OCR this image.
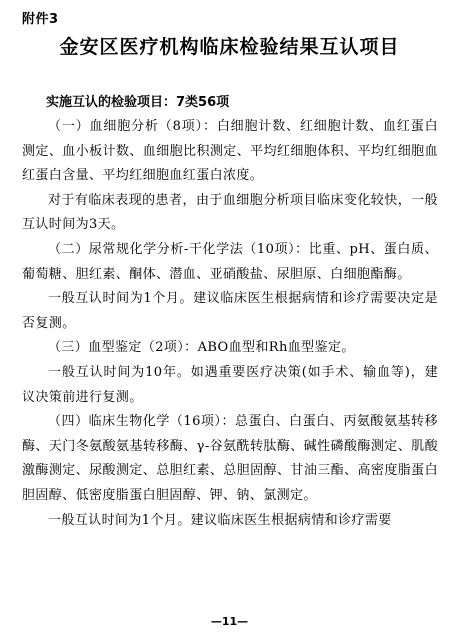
附件3
金安区医疗机构临床检验结果互认项目
实施互认的检验项目：7类56项

（一）血细胞分析（8项）：白细胞计数、红细胞计数、血红蛋白测定、血小板计数、血细胞比积测定、平均红细胞体积、平均红细胞血红蛋白含量、平均红细胞血红蛋白浓度。

对于有临床表现的患者，由于血细胞分析项目临床变化较快，一般互认时间为3天。

（二）尿常规化学分析-干化学法（10项）：比重、pH、蛋白质、葡萄糖、胆红素、酮体、潜血、亚硝酸盐、尿胆原、白细胞酯酶。

一般互认时间为1个月。建议临床医生根据病情和诊疗需要决定是否复测。

（三）血型鉴定（2项）：ABO血型和Rh血型鉴定。

一般互认时间为10年。如遇重要医疗决策(如手术、输血等)，建议决策前进行复测。

（四）临床生物化学（16项）：总蛋白、白蛋白、丙氨酸氨基转移酶、天门冬氨酸氨基转移酶、γ-谷氨酰转肽酶、碱性磷酸酶测定、肌酸激酶测定、尿酸测定、总胆红素、总胆固醇、甘油三酯、高密度脂蛋白胆固醇、低密度脂蛋白胆固醇、钾、钠、氯测定。

一般互认时间为1个月。建议临床医生根据病情和诊疗需要

—11—
